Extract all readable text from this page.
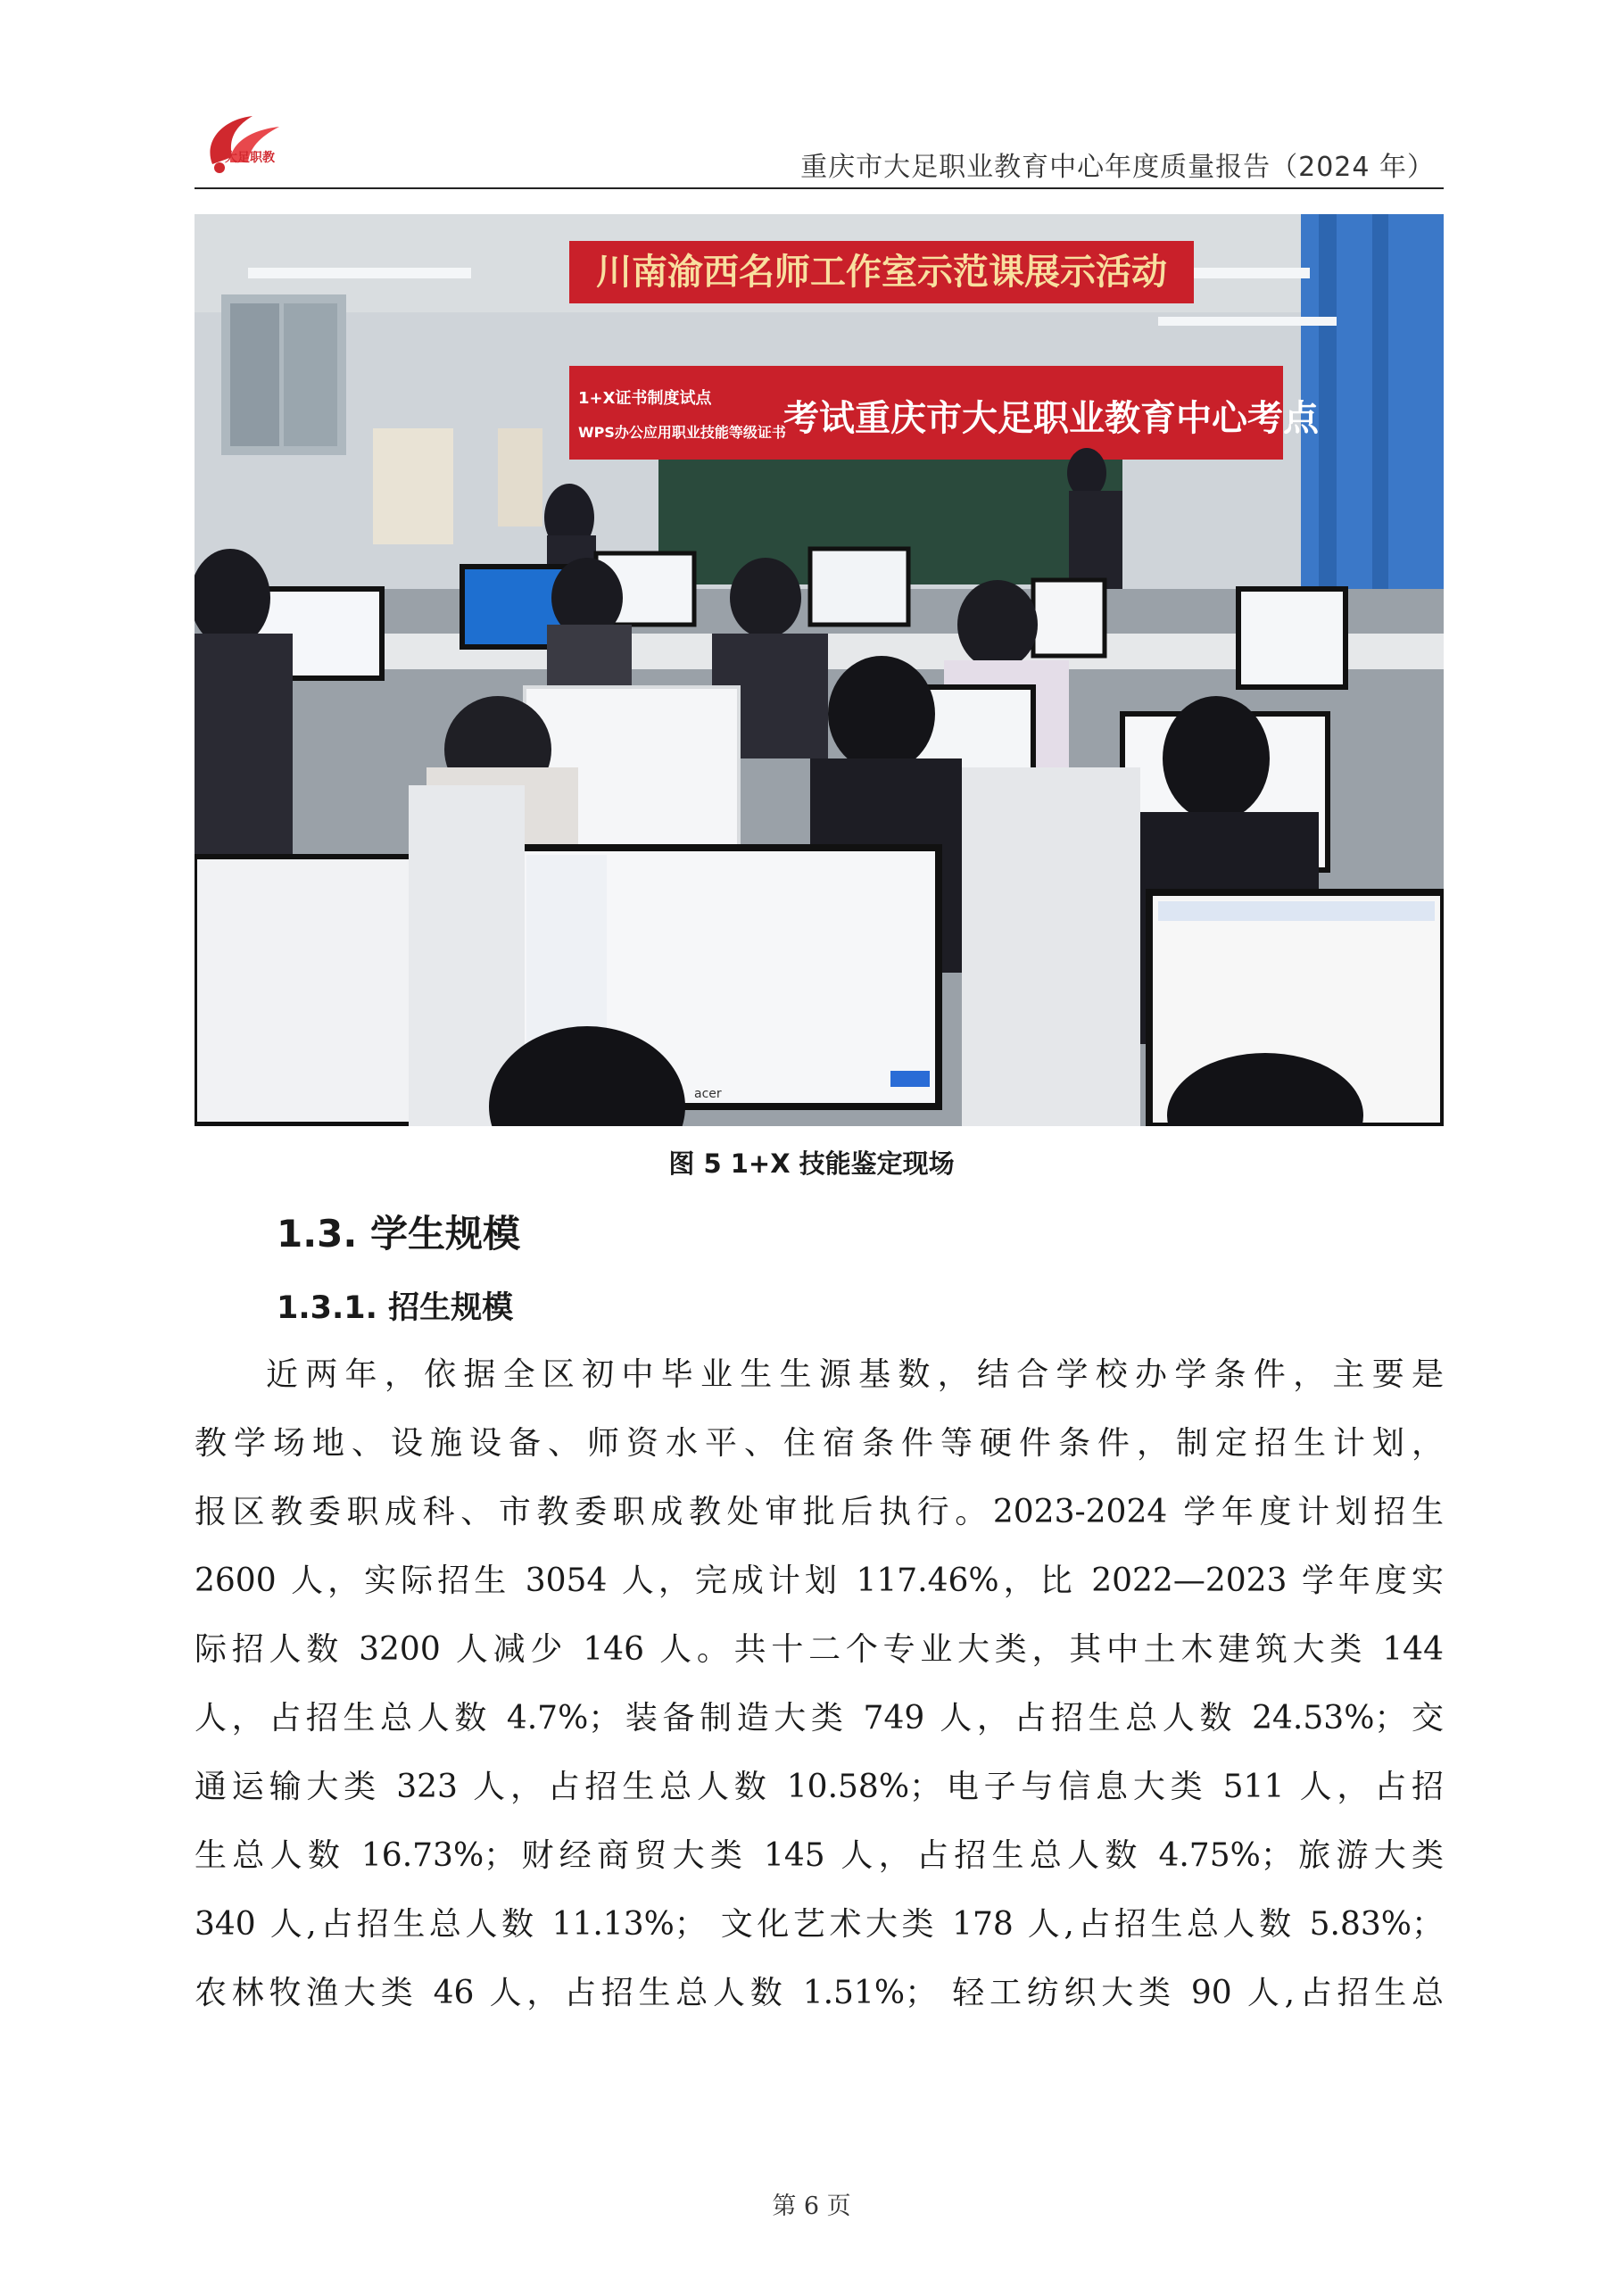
大足职教	重庆市大足职业教育中心年度质量报告（2024 年）
川南渝西名师工作室示范课展示活动
1+X证书制度试点
WPS办公应用职业技能等级证书
考试重庆市大足职业教育中心考点
acer
图 5 1+X 技能鉴定现场
1.3. 学生规模
1.3.1. 招生规模
近两年，依据全区初中毕业生生源基数，结合学校办学条件，主要是
教学场地、设施设备、师资水平、住宿条件等硬件条件，制定招生计划，
报区教委职成科、市教委职成教处审批后执行。2023-2024 学年度计划招生
2600 人，实际招生 3054 人，完成计划 117.46%，比 2022—2023 学年度实
际招人数 3200 人减少 146 人。共十二个专业大类，其中土木建筑大类 144
人，占招生总人数 4.7%；装备制造大类 749 人，占招生总人数 24.53%；交
通运输大类 323 人，占招生总人数 10.58%；电子与信息大类 511 人，占招
生总人数 16.73%；财经商贸大类 145 人，占招生总人数 4.75%；旅游大类
340 人,占招生总人数 11.13%； 文化艺术大类 178 人,占招生总人数 5.83%；
农林牧渔大类 46 人，占招生总人数 1.51%； 轻工纺织大类 90 人,占招生总
第 6 页
